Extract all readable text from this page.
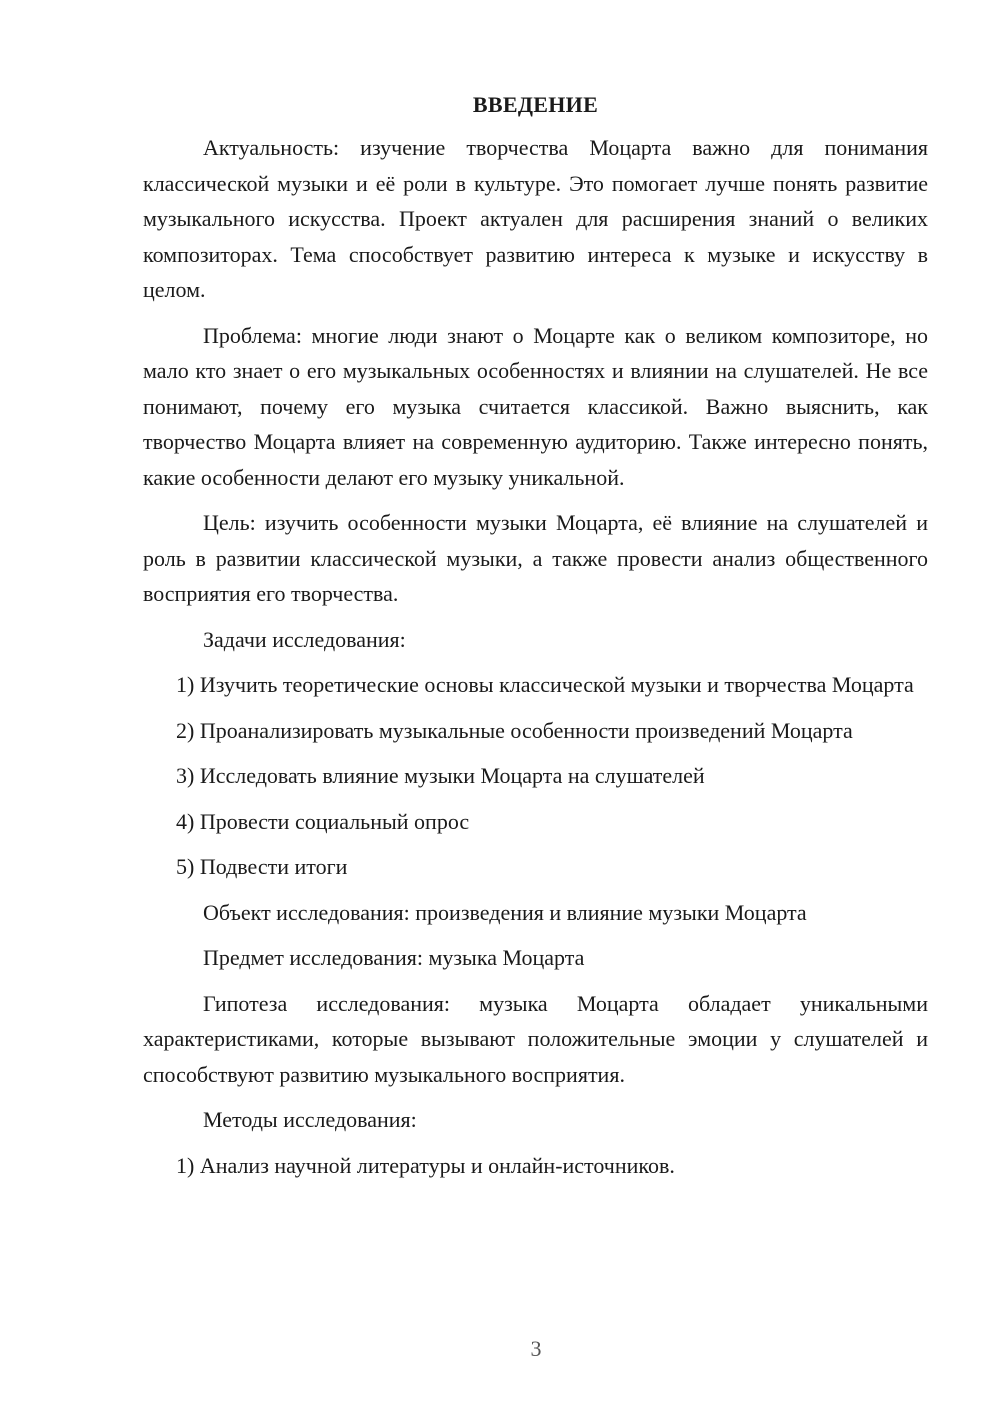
ВВЕДЕНИЕ

Актуальность: изучение творчества Моцарта важно для понимания классической музыки и её роли в культуре. Это помогает лучше понять развитие музыкального искусства. Проект актуален для расширения знаний о великих композиторах. Тема способствует развитию интереса к музыке и искусству в целом.

Проблема: многие люди знают о Моцарте как о великом композиторе, но мало кто знает о его музыкальных особенностях и влиянии на слушателей. Не все понимают, почему его музыка считается классикой. Важно выяснить, как творчество Моцарта влияет на современную аудиторию. Также интересно понять, какие особенности делают его музыку уникальной.

Цель: изучить особенности музыки Моцарта, её влияние на слушателей и роль в развитии классической музыки, а также провести анализ общественного восприятия его творчества.

Задачи исследования:

1) Изучить теоретические основы классической музыки и творчества Моцарта

2) Проанализировать музыкальные особенности произведений Моцарта

3) Исследовать влияние музыки Моцарта на слушателей

4) Провести социальный опрос

5) Подвести итоги

Объект исследования: произведения и влияние музыки Моцарта

Предмет исследования: музыка Моцарта

Гипотеза исследования: музыка Моцарта обладает уникальными характеристиками, которые вызывают положительные эмоции у слушателей и способствуют развитию музыкального восприятия.

Методы исследования:

1) Анализ научной литературы и онлайн-источников.

3
